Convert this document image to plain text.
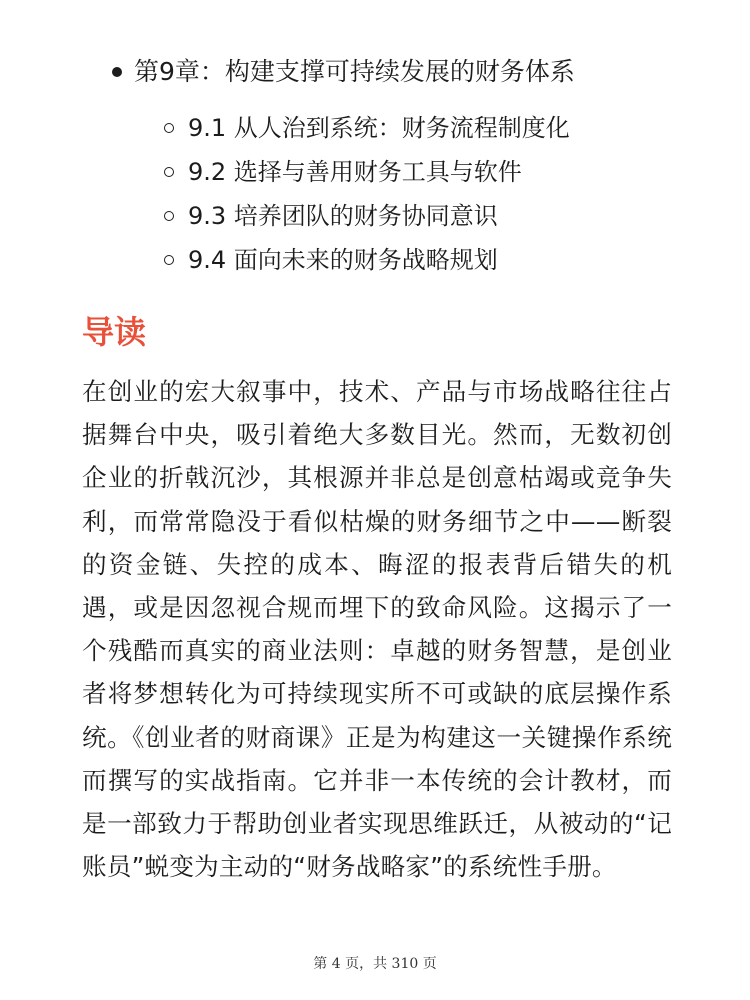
第9章：构建支撑可持续发展的财务体系
9.1 从人治到系统：财务流程制度化
9.2 选择与善用财务工具与软件
9.3 培养团队的财务协同意识
9.4 面向未来的财务战略规划
导读

在创业的宏大叙事中，技术、产品与市场战略往往占据舞台中央，吸引着绝大多数目光。然而，无数初创企业的折戟沉沙，其根源并非总是创意枯竭或竞争失利，而常常隐没于看似枯燥的财务细节之中——断裂的资金链、失控的成本、晦涩的报表背后错失的机遇，或是因忽视合规而埋下的致命风险。这揭示了一个残酷而真实的商业法则：卓越的财务智慧，是创业者将梦想转化为可持续现实所不可或缺的底层操作系统。《创业者的财商课》正是为构建这一关键操作系统而撰写的实战指南。它并非一本传统的会计教材，而是一部致力于帮助创业者实现思维跃迁，从被动的“记账员”蜕变为主动的“财务战略家”的系统性手册。

第 4 页，共 310 页
